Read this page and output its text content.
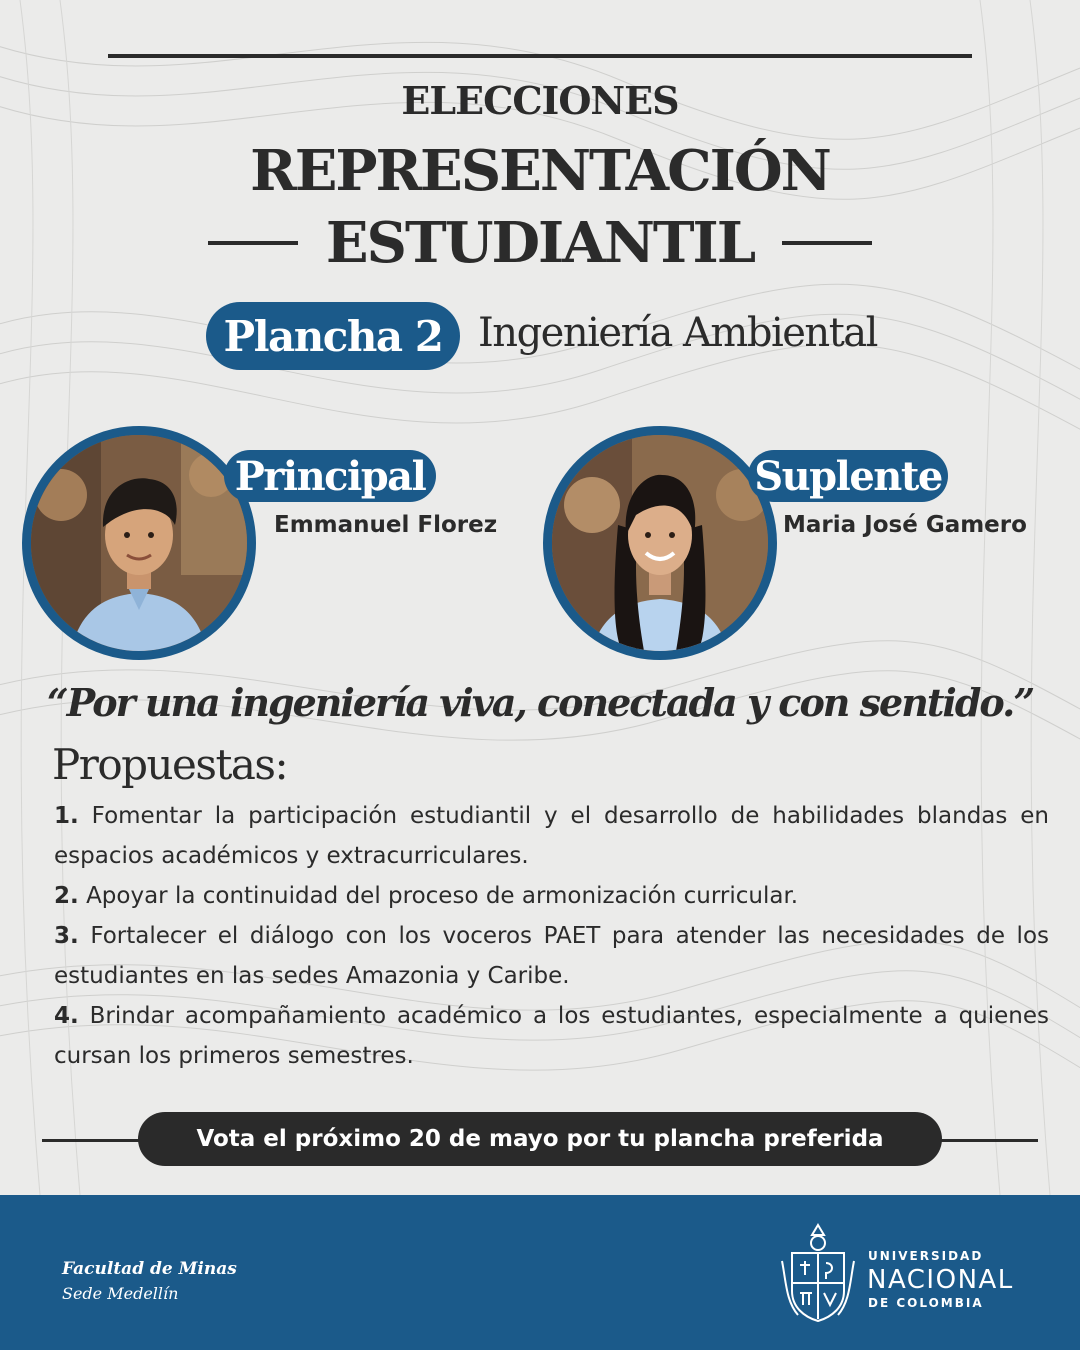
ELECCIONES
REPRESENTACIÓN
ESTUDIANTIL
Plancha 2 Ingeniería Ambiental
Principal
Emmanuel Florez
Suplente
Maria José Gamero
“Por una ingeniería viva, conectada y con sentido.”
Propuestas:

1. Fomentar la participación estudiantil y el desarrollo de habilidades blandas en espacios académicos y extracurriculares.

2. Apoyar la continuidad del proceso de armonización curricular.

3. Fortalecer el diálogo con los voceros PAET para atender las necesidades de los estudiantes en las sedes Amazonia y Caribe.

4. Brindar acompañamiento académico a los estudiantes, especialmente a quienes cursan los primeros semestres.

Vota el próximo 20 de mayo por tu plancha preferida
Facultad de Minas
Sede Medellín
UNIVERSIDAD
NACIONAL
DE COLOMBIA
